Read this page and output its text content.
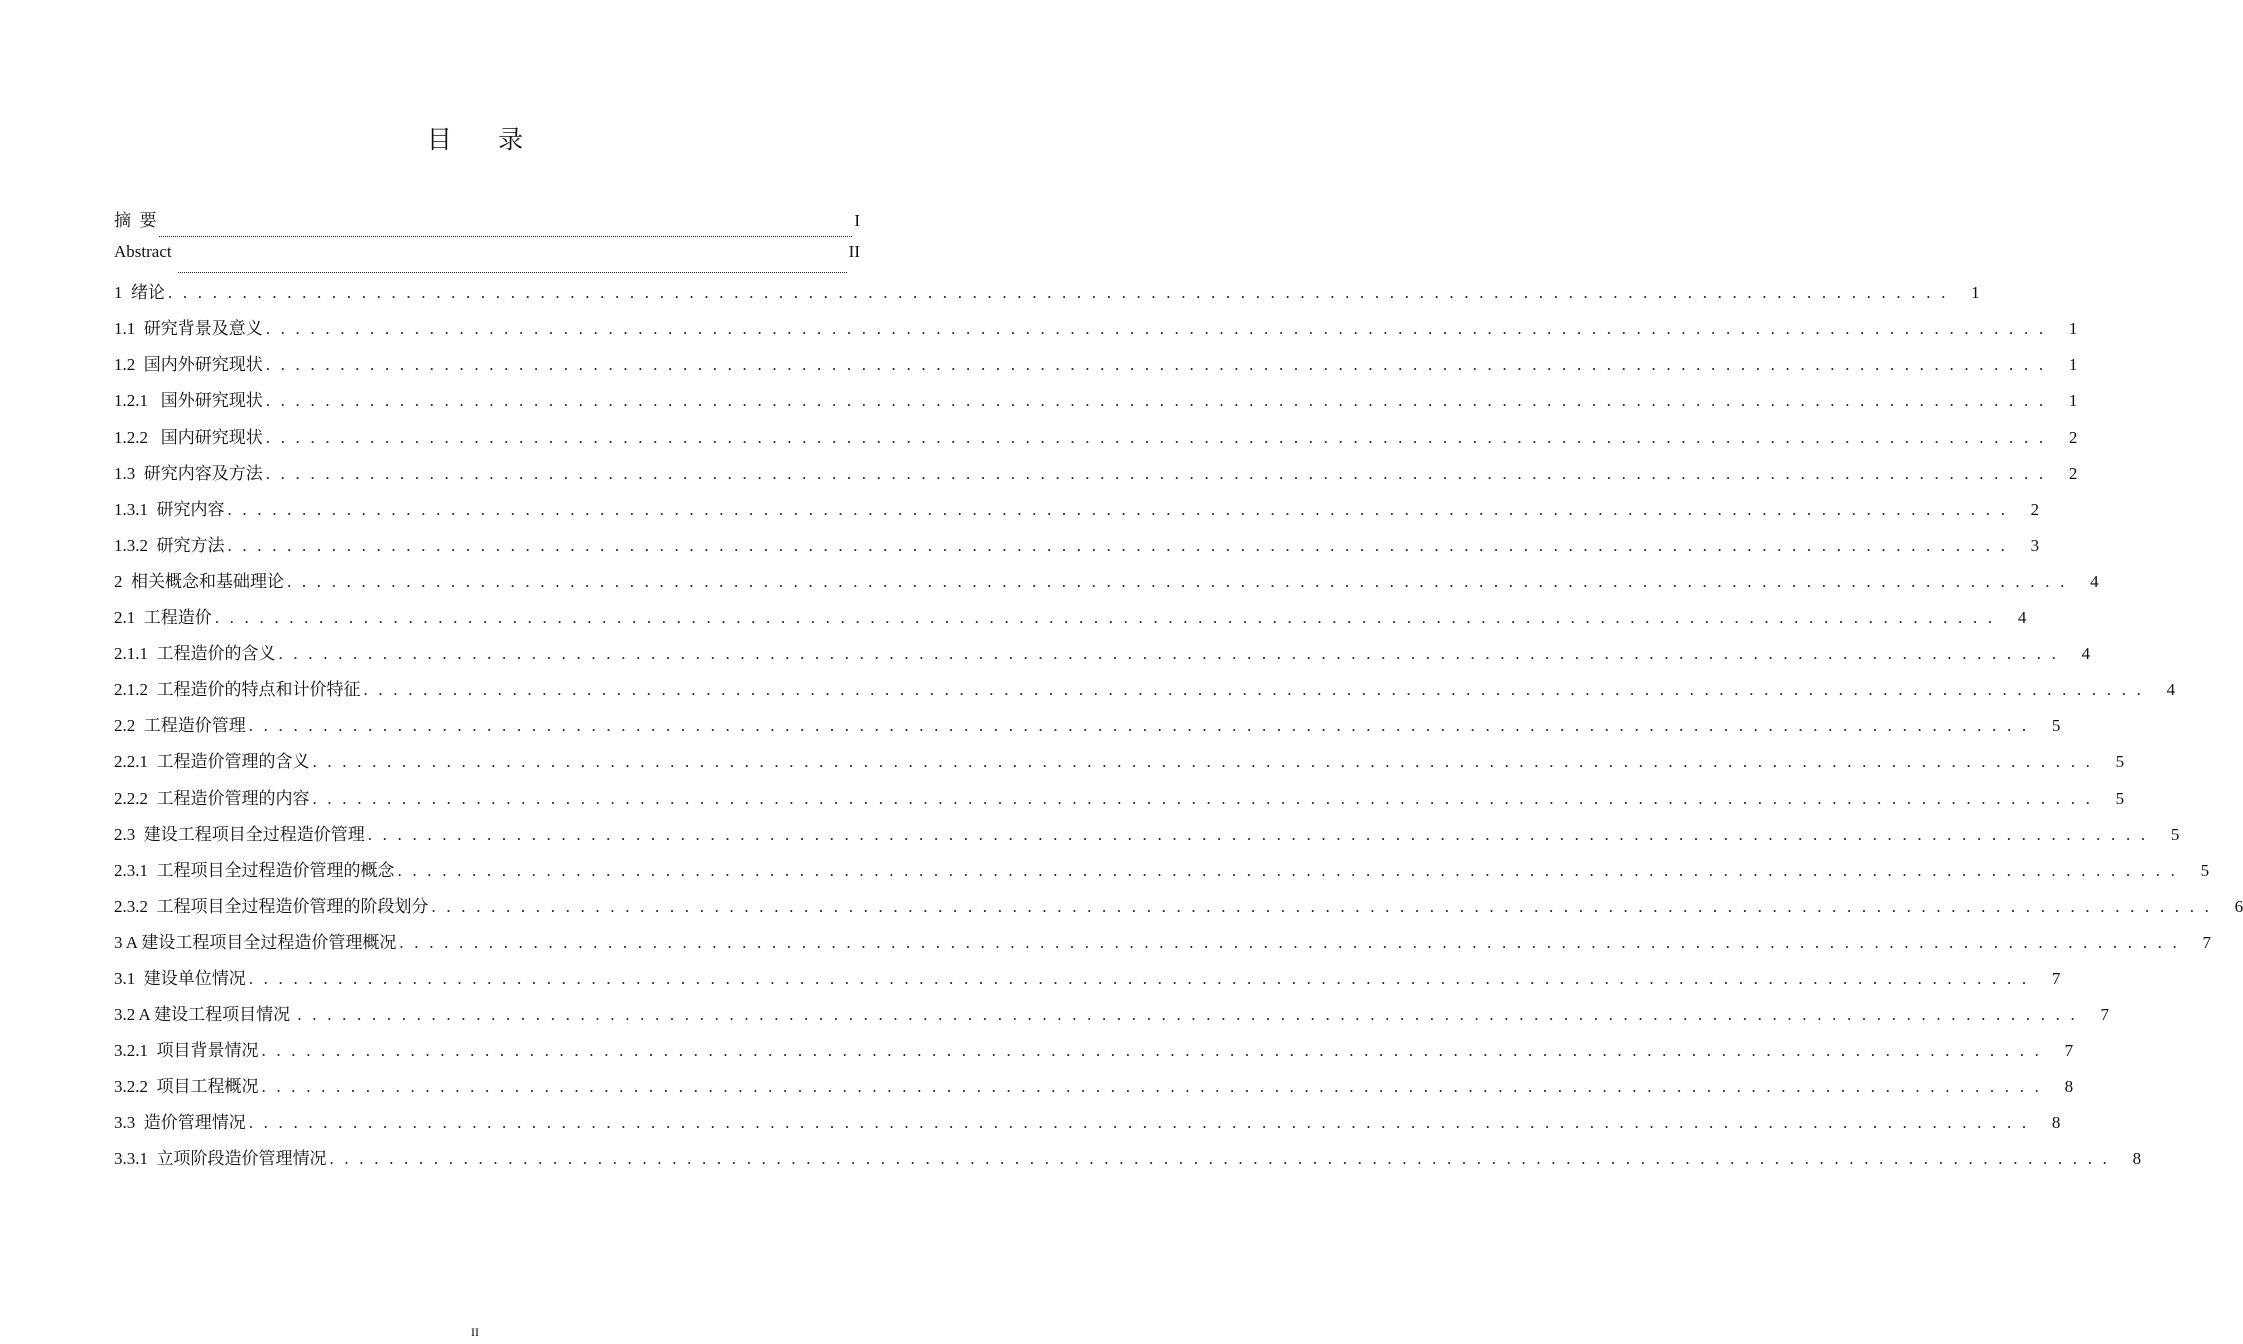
目 录
摘  要	I
Abstract	II
1  绪论 . . . . . . . . . . . . . . . . . . . . . . . . . . . . . . . . . . . . . . . . . . . . . . . . . . . . . . . . . . . . . . . . . . . . . . . . . . . . . . . . . . . . . . . . . . . . . . . . . . . . . . . . . . . . . . . . . . . . . . . .	1
1.1  研究背景及意义 . . . . . . . . . . . . . . . . . . . . . . . . . . . . . . . . . . . . . . . . . . . . . . . . . . . . . . . . . . . . . . . . . . . . . . . . . . . . . . . . . . . . . . . . . . . . . . . . . . . . . . . . . . . . . . . . . . . . . . . .	1
1.2  国内外研究现状 . . . . . . . . . . . . . . . . . . . . . . . . . . . . . . . . . . . . . . . . . . . . . . . . . . . . . . . . . . . . . . . . . . . . . . . . . . . . . . . . . . . . . . . . . . . . . . . . . . . . . . . . . . . . . . . . . . . . . . . .	1
1.2.1   国外研究现状 . . . . . . . . . . . . . . . . . . . . . . . . . . . . . . . . . . . . . . . . . . . . . . . . . . . . . . . . . . . . . . . . . . . . . . . . . . . . . . . . . . . . . . . . . . . . . . . . . . . . . . . . . . . . . . . . . . . . . . . .	1
1.2.2   国内研究现状 . . . . . . . . . . . . . . . . . . . . . . . . . . . . . . . . . . . . . . . . . . . . . . . . . . . . . . . . . . . . . . . . . . . . . . . . . . . . . . . . . . . . . . . . . . . . . . . . . . . . . . . . . . . . . . . . . . . . . . . .	2
1.3  研究内容及方法 . . . . . . . . . . . . . . . . . . . . . . . . . . . . . . . . . . . . . . . . . . . . . . . . . . . . . . . . . . . . . . . . . . . . . . . . . . . . . . . . . . . . . . . . . . . . . . . . . . . . . . . . . . . . . . . . . . . . . . . .	2
1.3.1  研究内容 . . . . . . . . . . . . . . . . . . . . . . . . . . . . . . . . . . . . . . . . . . . . . . . . . . . . . . . . . . . . . . . . . . . . . . . . . . . . . . . . . . . . . . . . . . . . . . . . . . . . . . . . . . . . . . . . . . . . . . . .	2
1.3.2  研究方法 . . . . . . . . . . . . . . . . . . . . . . . . . . . . . . . . . . . . . . . . . . . . . . . . . . . . . . . . . . . . . . . . . . . . . . . . . . . . . . . . . . . . . . . . . . . . . . . . . . . . . . . . . . . . . . . . . . . . . . . .	3
2  相关概念和基础理论 . . . . . . . . . . . . . . . . . . . . . . . . . . . . . . . . . . . . . . . . . . . . . . . . . . . . . . . . . . . . . . . . . . . . . . . . . . . . . . . . . . . . . . . . . . . . . . . . . . . . . . . . . . . . . . . . . . . . . . . .	4
2.1  工程造价 . . . . . . . . . . . . . . . . . . . . . . . . . . . . . . . . . . . . . . . . . . . . . . . . . . . . . . . . . . . . . . . . . . . . . . . . . . . . . . . . . . . . . . . . . . . . . . . . . . . . . . . . . . . . . . . . . . . . . . . .	4
2.1.1  工程造价的含义 . . . . . . . . . . . . . . . . . . . . . . . . . . . . . . . . . . . . . . . . . . . . . . . . . . . . . . . . . . . . . . . . . . . . . . . . . . . . . . . . . . . . . . . . . . . . . . . . . . . . . . . . . . . . . . . . . . . . . . . .	4
2.1.2  工程造价的特点和计价特征 . . . . . . . . . . . . . . . . . . . . . . . . . . . . . . . . . . . . . . . . . . . . . . . . . . . . . . . . . . . . . . . . . . . . . . . . . . . . . . . . . . . . . . . . . . . . . . . . . . . . . . . . . . . . . . . . . . . . . . . .	4
2.2  工程造价管理 . . . . . . . . . . . . . . . . . . . . . . . . . . . . . . . . . . . . . . . . . . . . . . . . . . . . . . . . . . . . . . . . . . . . . . . . . . . . . . . . . . . . . . . . . . . . . . . . . . . . . . . . . . . . . . . . . . . . . . . .	5
2.2.1  工程造价管理的含义 . . . . . . . . . . . . . . . . . . . . . . . . . . . . . . . . . . . . . . . . . . . . . . . . . . . . . . . . . . . . . . . . . . . . . . . . . . . . . . . . . . . . . . . . . . . . . . . . . . . . . . . . . . . . . . . . . . . . . . . .	5
2.2.2  工程造价管理的内容 . . . . . . . . . . . . . . . . . . . . . . . . . . . . . . . . . . . . . . . . . . . . . . . . . . . . . . . . . . . . . . . . . . . . . . . . . . . . . . . . . . . . . . . . . . . . . . . . . . . . . . . . . . . . . . . . . . . . . . . .	5
2.3  建设工程项目全过程造价管理 . . . . . . . . . . . . . . . . . . . . . . . . . . . . . . . . . . . . . . . . . . . . . . . . . . . . . . . . . . . . . . . . . . . . . . . . . . . . . . . . . . . . . . . . . . . . . . . . . . . . . . . . . . . . . . . . . . . . . . . .	5
2.3.1  工程项目全过程造价管理的概念 . . . . . . . . . . . . . . . . . . . . . . . . . . . . . . . . . . . . . . . . . . . . . . . . . . . . . . . . . . . . . . . . . . . . . . . . . . . . . . . . . . . . . . . . . . . . . . . . . . . . . . . . . . . . . . . . . . . . . . . .	5
2.3.2  工程项目全过程造价管理的阶段划分 . . . . . . . . . . . . . . . . . . . . . . . . . . . . . . . . . . . . . . . . . . . . . . . . . . . . . . . . . . . . . . . . . . . . . . . . . . . . . . . . . . . . . . . . . . . . . . . . . . . . . . . . . . . . . . . . . . . . . . . .	6
3 A 建设工程项目全过程造价管理概况 . . . . . . . . . . . . . . . . . . . . . . . . . . . . . . . . . . . . . . . . . . . . . . . . . . . . . . . . . . . . . . . . . . . . . . . . . . . . . . . . . . . . . . . . . . . . . . . . . . . . . . . . . . . . . . . . . . . . . . . .	7
3.1  建设单位情况 . . . . . . . . . . . . . . . . . . . . . . . . . . . . . . . . . . . . . . . . . . . . . . . . . . . . . . . . . . . . . . . . . . . . . . . . . . . . . . . . . . . . . . . . . . . . . . . . . . . . . . . . . . . . . . . . . . . . . . . .	7
3.2 A 建设工程项目情况 . . . . . . . . . . . . . . . . . . . . . . . . . . . . . . . . . . . . . . . . . . . . . . . . . . . . . . . . . . . . . . . . . . . . . . . . . . . . . . . . . . . . . . . . . . . . . . . . . . . . . . . . . . . . . . . . . . . . . . . .	7
3.2.1  项目背景情况 . . . . . . . . . . . . . . . . . . . . . . . . . . . . . . . . . . . . . . . . . . . . . . . . . . . . . . . . . . . . . . . . . . . . . . . . . . . . . . . . . . . . . . . . . . . . . . . . . . . . . . . . . . . . . . . . . . . . . . . .	7
3.2.2  项目工程概况 . . . . . . . . . . . . . . . . . . . . . . . . . . . . . . . . . . . . . . . . . . . . . . . . . . . . . . . . . . . . . . . . . . . . . . . . . . . . . . . . . . . . . . . . . . . . . . . . . . . . . . . . . . . . . . . . . . . . . . . .	8
3.3  造价管理情况 . . . . . . . . . . . . . . . . . . . . . . . . . . . . . . . . . . . . . . . . . . . . . . . . . . . . . . . . . . . . . . . . . . . . . . . . . . . . . . . . . . . . . . . . . . . . . . . . . . . . . . . . . . . . . . . . . . . . . . . .	8
3.3.1  立项阶段造价管理情况 . . . . . . . . . . . . . . . . . . . . . . . . . . . . . . . . . . . . . . . . . . . . . . . . . . . . . . . . . . . . . . . . . . . . . . . . . . . . . . . . . . . . . . . . . . . . . . . . . . . . . . . . . . . . . . . . . . . . . . . .	8
II
